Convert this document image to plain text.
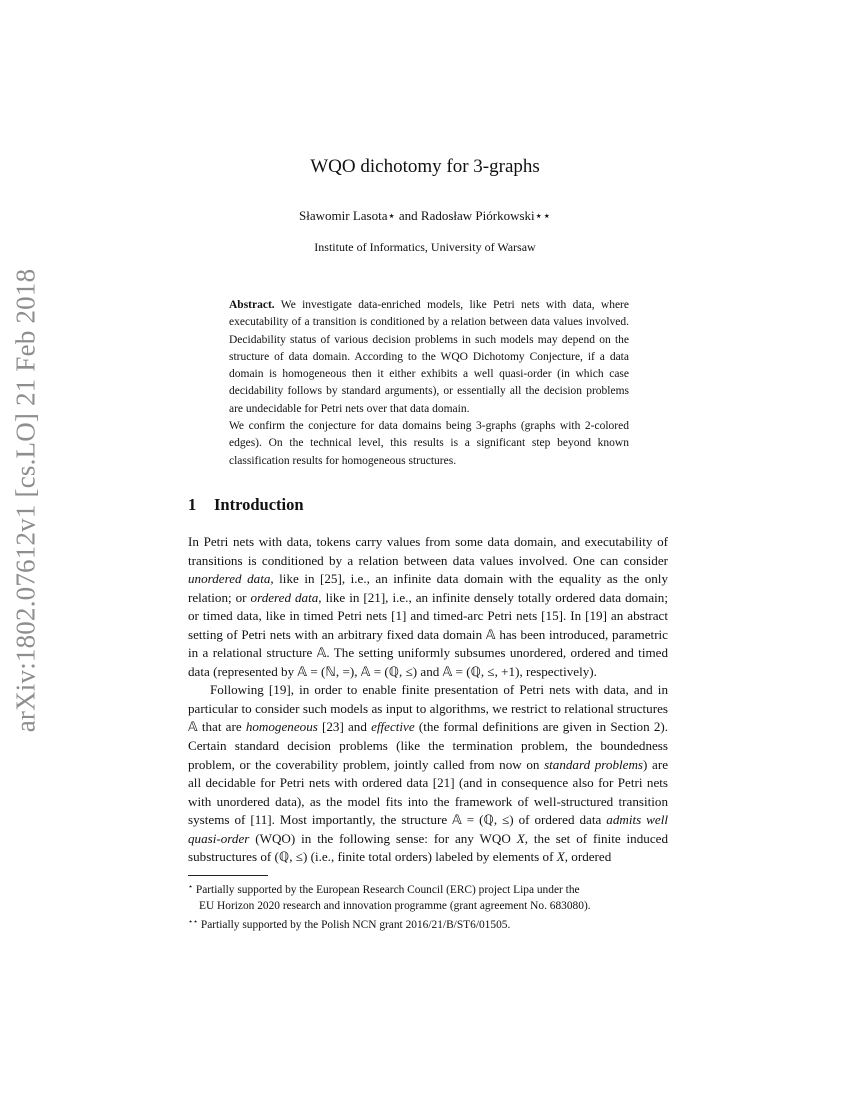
arXiv:1802.07612v1 [cs.LO] 21 Feb 2018
WQO dichotomy for 3-graphs
Sławomir Lasota⋆ and Radosław Piórkowski⋆⋆
Institute of Informatics, University of Warsaw

Abstract. We investigate data-enriched models, like Petri nets with data, where executability of a transition is conditioned by a relation between data values involved. Decidability status of various decision problems in such models may depend on the structure of data domain. According to the WQO Dichotomy Conjecture, if a data domain is homogeneous then it either exhibits a well quasi-order (in which case decidability follows by standard arguments), or essentially all the decision problems are undecidable for Petri nets over that data domain.

We confirm the conjecture for data domains being 3-graphs (graphs with 2-colored edges). On the technical level, this results is a significant step beyond known classification results for homogeneous structures.

1 Introduction

In Petri nets with data, tokens carry values from some data domain, and executability of transitions is conditioned by a relation between data values involved. One can consider unordered data, like in [25], i.e., an infinite data domain with the equality as the only relation; or ordered data, like in [21], i.e., an infinite densely totally ordered data domain; or timed data, like in timed Petri nets [1] and timed-arc Petri nets [15]. In [19] an abstract setting of Petri nets with an arbitrary fixed data domain 𝔸 has been introduced, parametric in a relational structure 𝔸. The setting uniformly subsumes unordered, ordered and timed data (represented by 𝔸 = (ℕ, =), 𝔸 = (ℚ, ≤) and 𝔸 = (ℚ, ≤, +1), respectively).

Following [19], in order to enable finite presentation of Petri nets with data, and in particular to consider such models as input to algorithms, we restrict to relational structures 𝔸 that are homogeneous [23] and effective (the formal definitions are given in Section 2). Certain standard decision problems (like the termination problem, the boundedness problem, or the coverability problem, jointly called from now on standard problems) are all decidable for Petri nets with ordered data [21] (and in consequence also for Petri nets with unordered data), as the model fits into the framework of well-structured transition systems of [11]. Most importantly, the structure 𝔸 = (ℚ, ≤) of ordered data admits well quasi-order (WQO) in the following sense: for any WQO X, the set of finite induced substructures of (ℚ, ≤) (i.e., finite total orders) labeled by elements of X, ordered

⋆ Partially supported by the European Research Council (ERC) project Lipa under the

EU Horizon 2020 research and innovation programme (grant agreement No. 683080).

⋆⋆ Partially supported by the Polish NCN grant 2016/21/B/ST6/01505.
